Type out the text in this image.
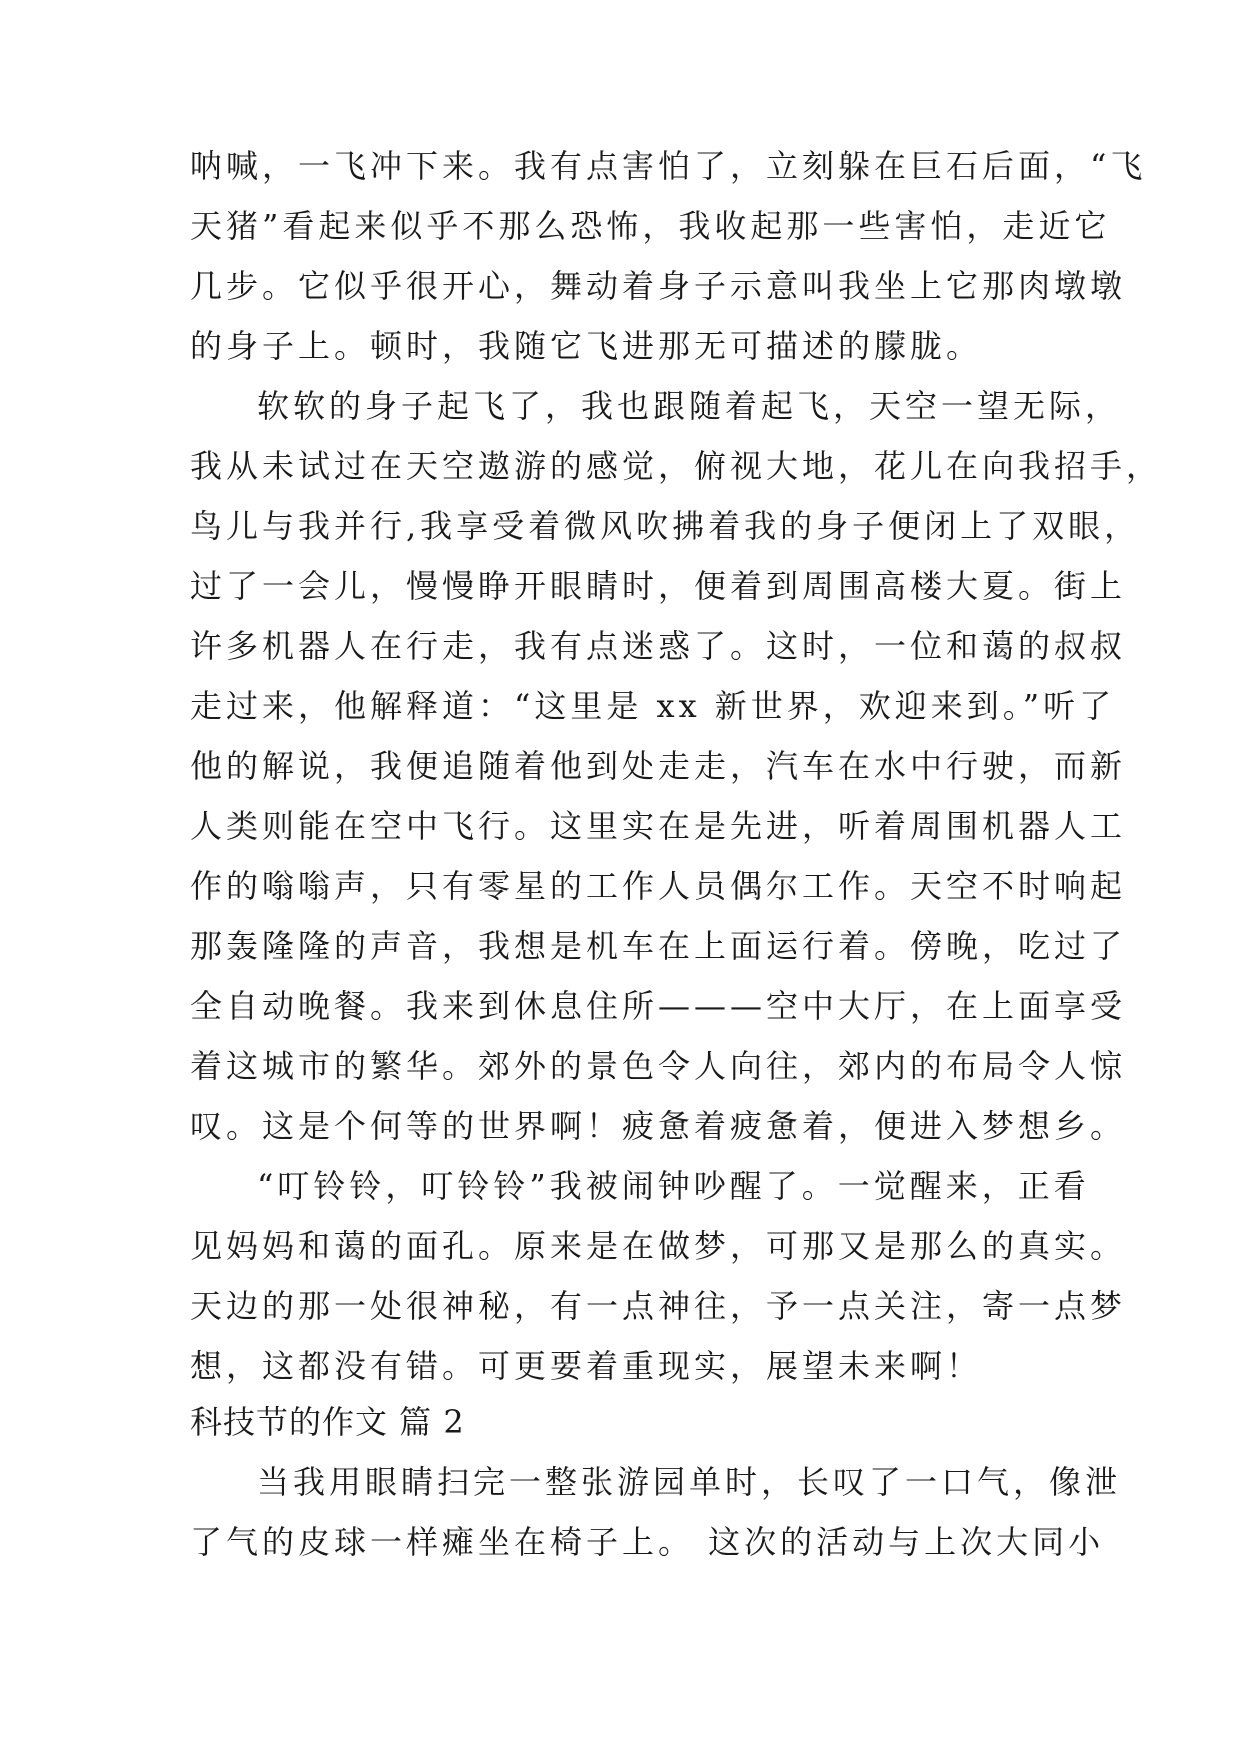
呐喊，一飞冲下来。我有点害怕了，立刻躲在巨石后面，“飞
天猪”看起来似乎不那么恐怖，我收起那一些害怕，走近它
几步。它似乎很开心，舞动着身子示意叫我坐上它那肉墩墩
的身子上。顿时，我随它飞进那无可描述的朦胧。
软软的身子起飞了，我也跟随着起飞，天空一望无际，
我从未试过在天空遨游的感觉，俯视大地，花儿在向我招手，
鸟儿与我并行,我享受着微风吹拂着我的身子便闭上了双眼，
过了一会儿，慢慢睁开眼睛时，便着到周围高楼大夏。街上
许多机器人在行走，我有点迷惑了。这时，一位和蔼的叔叔
走过来，他解释道：“这里是 xx 新世界，欢迎来到。”听了
他的解说，我便追随着他到处走走，汽车在水中行驶，而新
人类则能在空中飞行。这里实在是先进，听着周围机器人工
作的嗡嗡声，只有零星的工作人员偶尔工作。天空不时响起
那轰隆隆的声音，我想是机车在上面运行着。傍晚，吃过了
全自动晚餐。我来到休息住所———空中大厅，在上面享受
着这城市的繁华。郊外的景色令人向往，郊内的布局令人惊
叹。这是个何等的世界啊！疲惫着疲惫着，便进入梦想乡。
“叮铃铃，叮铃铃”我被闹钟吵醒了。一觉醒来，正看
见妈妈和蔼的面孔。原来是在做梦，可那又是那么的真实。
天边的那一处很神秘，有一点神往，予一点关注，寄一点梦
想，这都没有错。可更要着重现实，展望未来啊！
科技节的作文 篇 2
当我用眼睛扫完一整张游园单时，长叹了一口气，像泄
了气的皮球一样瘫坐在椅子上。 这次的活动与上次大同小
